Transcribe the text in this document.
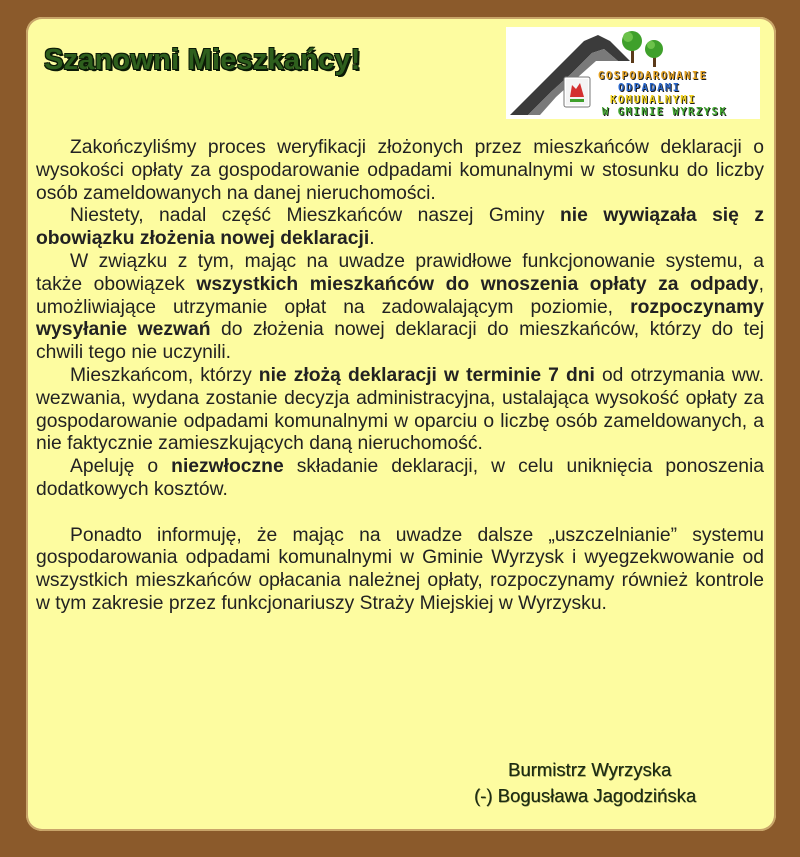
Szanowni Mieszkańcy!	GOSPODAROWANIE
ODPADAMI
KOMUNALNYMI
W GMINIE WYRZYSK

Zakończyliśmy proces weryfikacji złożonych przez mieszkańców deklaracji o wysokości opłaty za gospodarowanie odpadami komunalnymi w stosunku do liczby osób zameldowanych na danej nieruchomości.

Niestety, nadal część Mieszkańców naszej Gminy nie wywiązała się z obowiązku złożenia nowej deklaracji.

W związku z tym, mając na uwadze prawidłowe funkcjonowanie systemu, a także obowiązek wszystkich mieszkańców do wnoszenia opłaty za odpady, umożliwiające utrzymanie opłat na zadowalającym poziomie, rozpoczynamy wysyłanie wezwań do złożenia nowej deklaracji do mieszkańców, którzy do tej chwili tego nie uczynili.

Mieszkańcom, którzy nie złożą deklaracji w terminie 7 dni od otrzymania ww. wezwania, wydana zostanie decyzja administracyjna, ustalająca wysokość opłaty za gospodarowanie odpadami komunalnymi w oparciu o liczbę osób zameldowanych, a nie faktycznie zamieszkujących daną nieruchomość.

Apeluję o niezwłoczne składanie deklaracji, w celu uniknięcia ponoszenia dodatkowych kosztów.

Ponadto informuję, że mając na uwadze dalsze „uszczelnianie” systemu gospodarowania odpadami komunalnymi w Gminie Wyrzysk i wyegzekwowanie od wszystkich mieszkańców opłacania należnej opłaty, rozpoczynamy również kontrole w tym zakresie przez funkcjonariuszy Straży Miejskiej w Wyrzysku.

Burmistrz Wyrzyska
(-) Bogusława Jagodzińska
